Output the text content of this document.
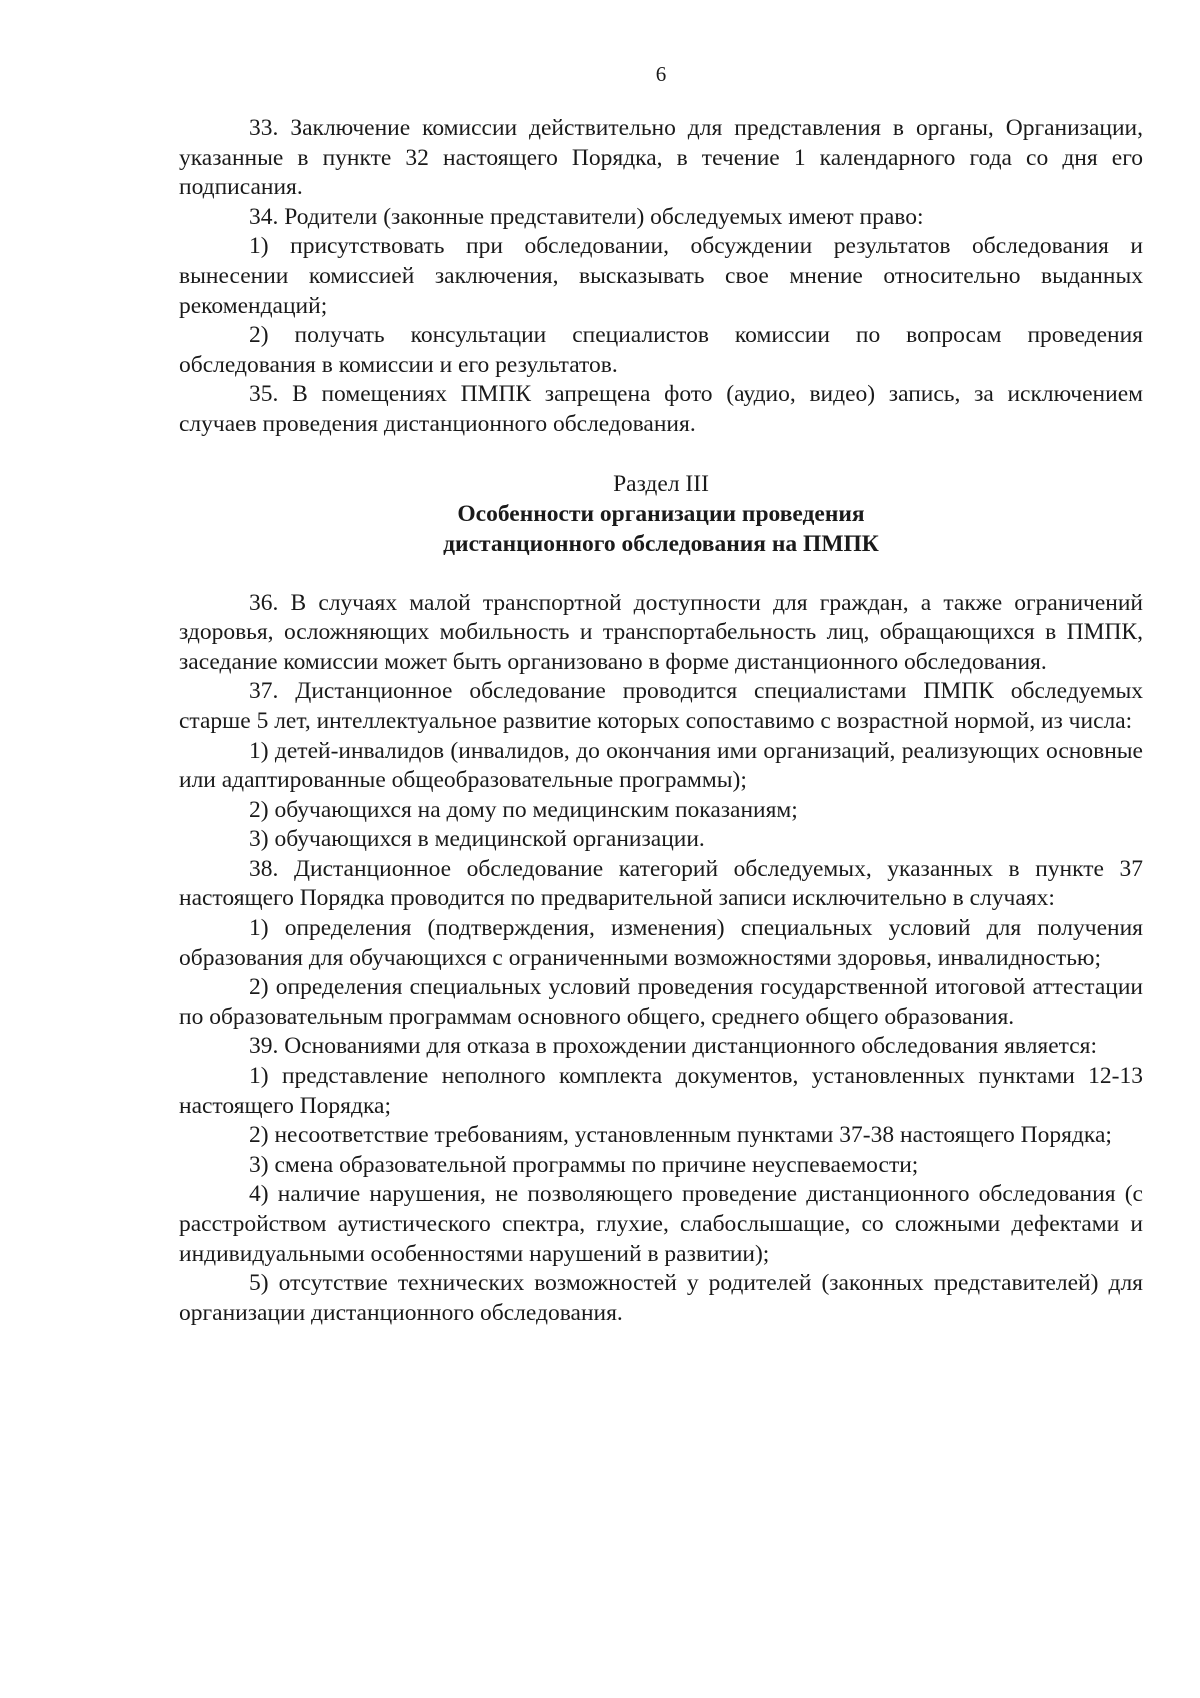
6

33. Заключение комиссии действительно для представления в органы, Организации, указанные в пункте 32 настоящего Порядка, в течение 1 календарного года со дня его подписания.

34. Родители (законные представители) обследуемых имеют право:

1) присутствовать при обследовании, обсуждении результатов обследования и вынесении комиссией заключения, высказывать свое мнение относительно выданных рекомендаций;

2) получать консультации специалистов комиссии по вопросам проведения обследования в комиссии и его результатов.

35. В помещениях ПМПК запрещена фото (аудио, видео) запись, за исключением случаев проведения дистанционного обследования.

Раздел III
Особенности организации проведения
дистанционного обследования на ПМПК

36. В случаях малой транспортной доступности для граждан, а также ограничений здоровья, осложняющих мобильность и транспортабельность лиц, обращающихся в ПМПК, заседание комиссии может быть организовано в форме дистанционного обследования.

37. Дистанционное обследование проводится специалистами ПМПК обследуемых старше 5 лет, интеллектуальное развитие которых сопоставимо с возрастной нормой, из числа:

1) детей-инвалидов (инвалидов, до окончания ими организаций, реализующих основные или адаптированные общеобразовательные программы);

2) обучающихся на дому по медицинским показаниям;

3) обучающихся в медицинской организации.

38. Дистанционное обследование категорий обследуемых, указанных в пункте 37 настоящего Порядка проводится по предварительной записи исключительно в случаях:

1) определения (подтверждения, изменения) специальных условий для получения образования для обучающихся с ограниченными возможностями здоровья, инвалидностью;

2) определения специальных условий проведения государственной итоговой аттестации по образовательным программам основного общего, среднего общего образования.

39. Основаниями для отказа в прохождении дистанционного обследования является:

1) представление неполного комплекта документов, установленных пунктами 12-13 настоящего Порядка;

2) несоответствие требованиям, установленным пунктами 37-38 настоящего Порядка;

3) смена образовательной программы по причине неуспеваемости;

4) наличие нарушения, не позволяющего проведение дистанционного обследования (с расстройством аутистического спектра, глухие, слабослышащие, со сложными дефектами и индивидуальными особенностями нарушений в развитии);

5) отсутствие технических возможностей у родителей (законных представителей) для организации дистанционного обследования.
